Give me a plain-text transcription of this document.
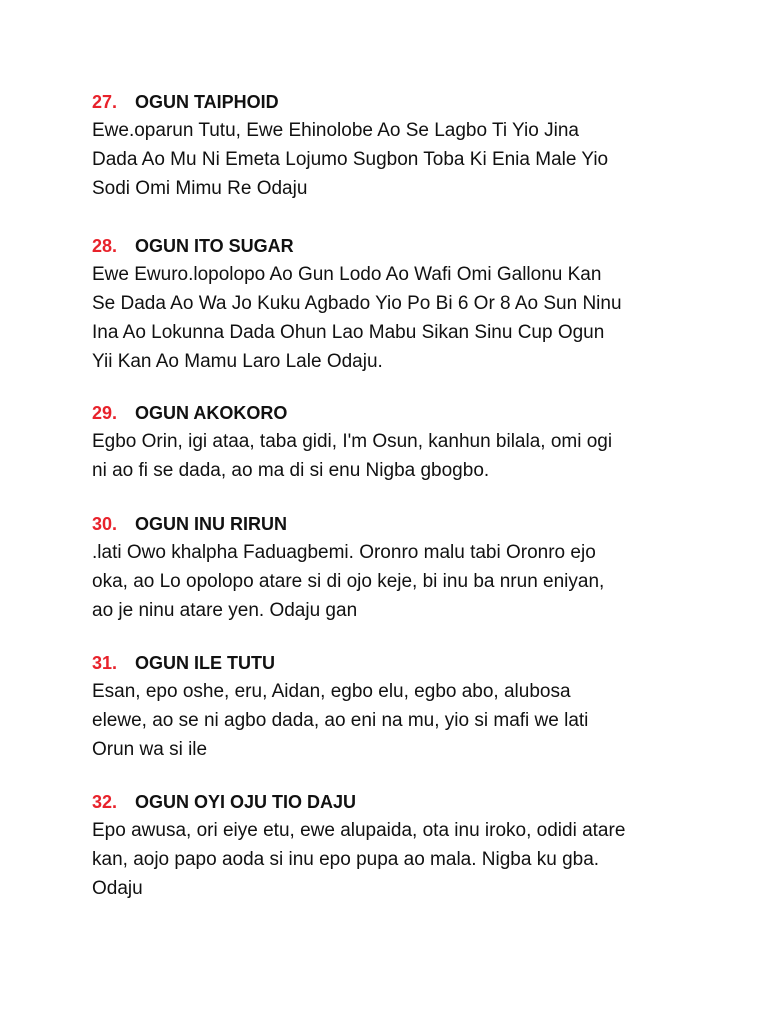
27. OGUN TAIPHOID
Ewe.oparun Tutu, Ewe Ehinolobe Ao Se Lagbo Ti Yio Jina
Dada Ao Mu Ni Emeta Lojumo Sugbon Toba Ki Enia Male Yio
Sodi Omi Mimu Re Odaju
28. OGUN ITO SUGAR
Ewe Ewuro.lopolopo Ao Gun Lodo Ao Wafi Omi Gallonu Kan
Se Dada Ao Wa Jo Kuku Agbado Yio Po Bi 6 Or 8 Ao Sun Ninu
Ina Ao Lokunna Dada Ohun Lao Mabu Sikan Sinu Cup Ogun
Yii Kan Ao Mamu Laro Lale Odaju.
29. OGUN AKOKORO
Egbo Orin, igi ataa, taba gidi, I'm Osun, kanhun bilala, omi ogi
ni ao fi se dada, ao ma di si enu Nigba gbogbo.
30. OGUN INU RIRUN
.lati Owo khalpha Faduagbemi. Oronro malu tabi Oronro ejo
oka, ao Lo opolopo atare si di ojo keje, bi inu ba nrun eniyan,
ao je ninu atare yen. Odaju gan
31. OGUN ILE TUTU
Esan, epo oshe, eru, Aidan, egbo elu, egbo abo, alubosa
elewe, ao se ni agbo dada, ao eni na mu, yio si mafi we lati
Orun wa si ile
32. OGUN OYI OJU TIO DAJU
Epo awusa, ori eiye etu, ewe alupaida, ota inu iroko, odidi atare
kan, aojo papo aoda si inu epo pupa ao mala. Nigba ku gba.
Odaju
